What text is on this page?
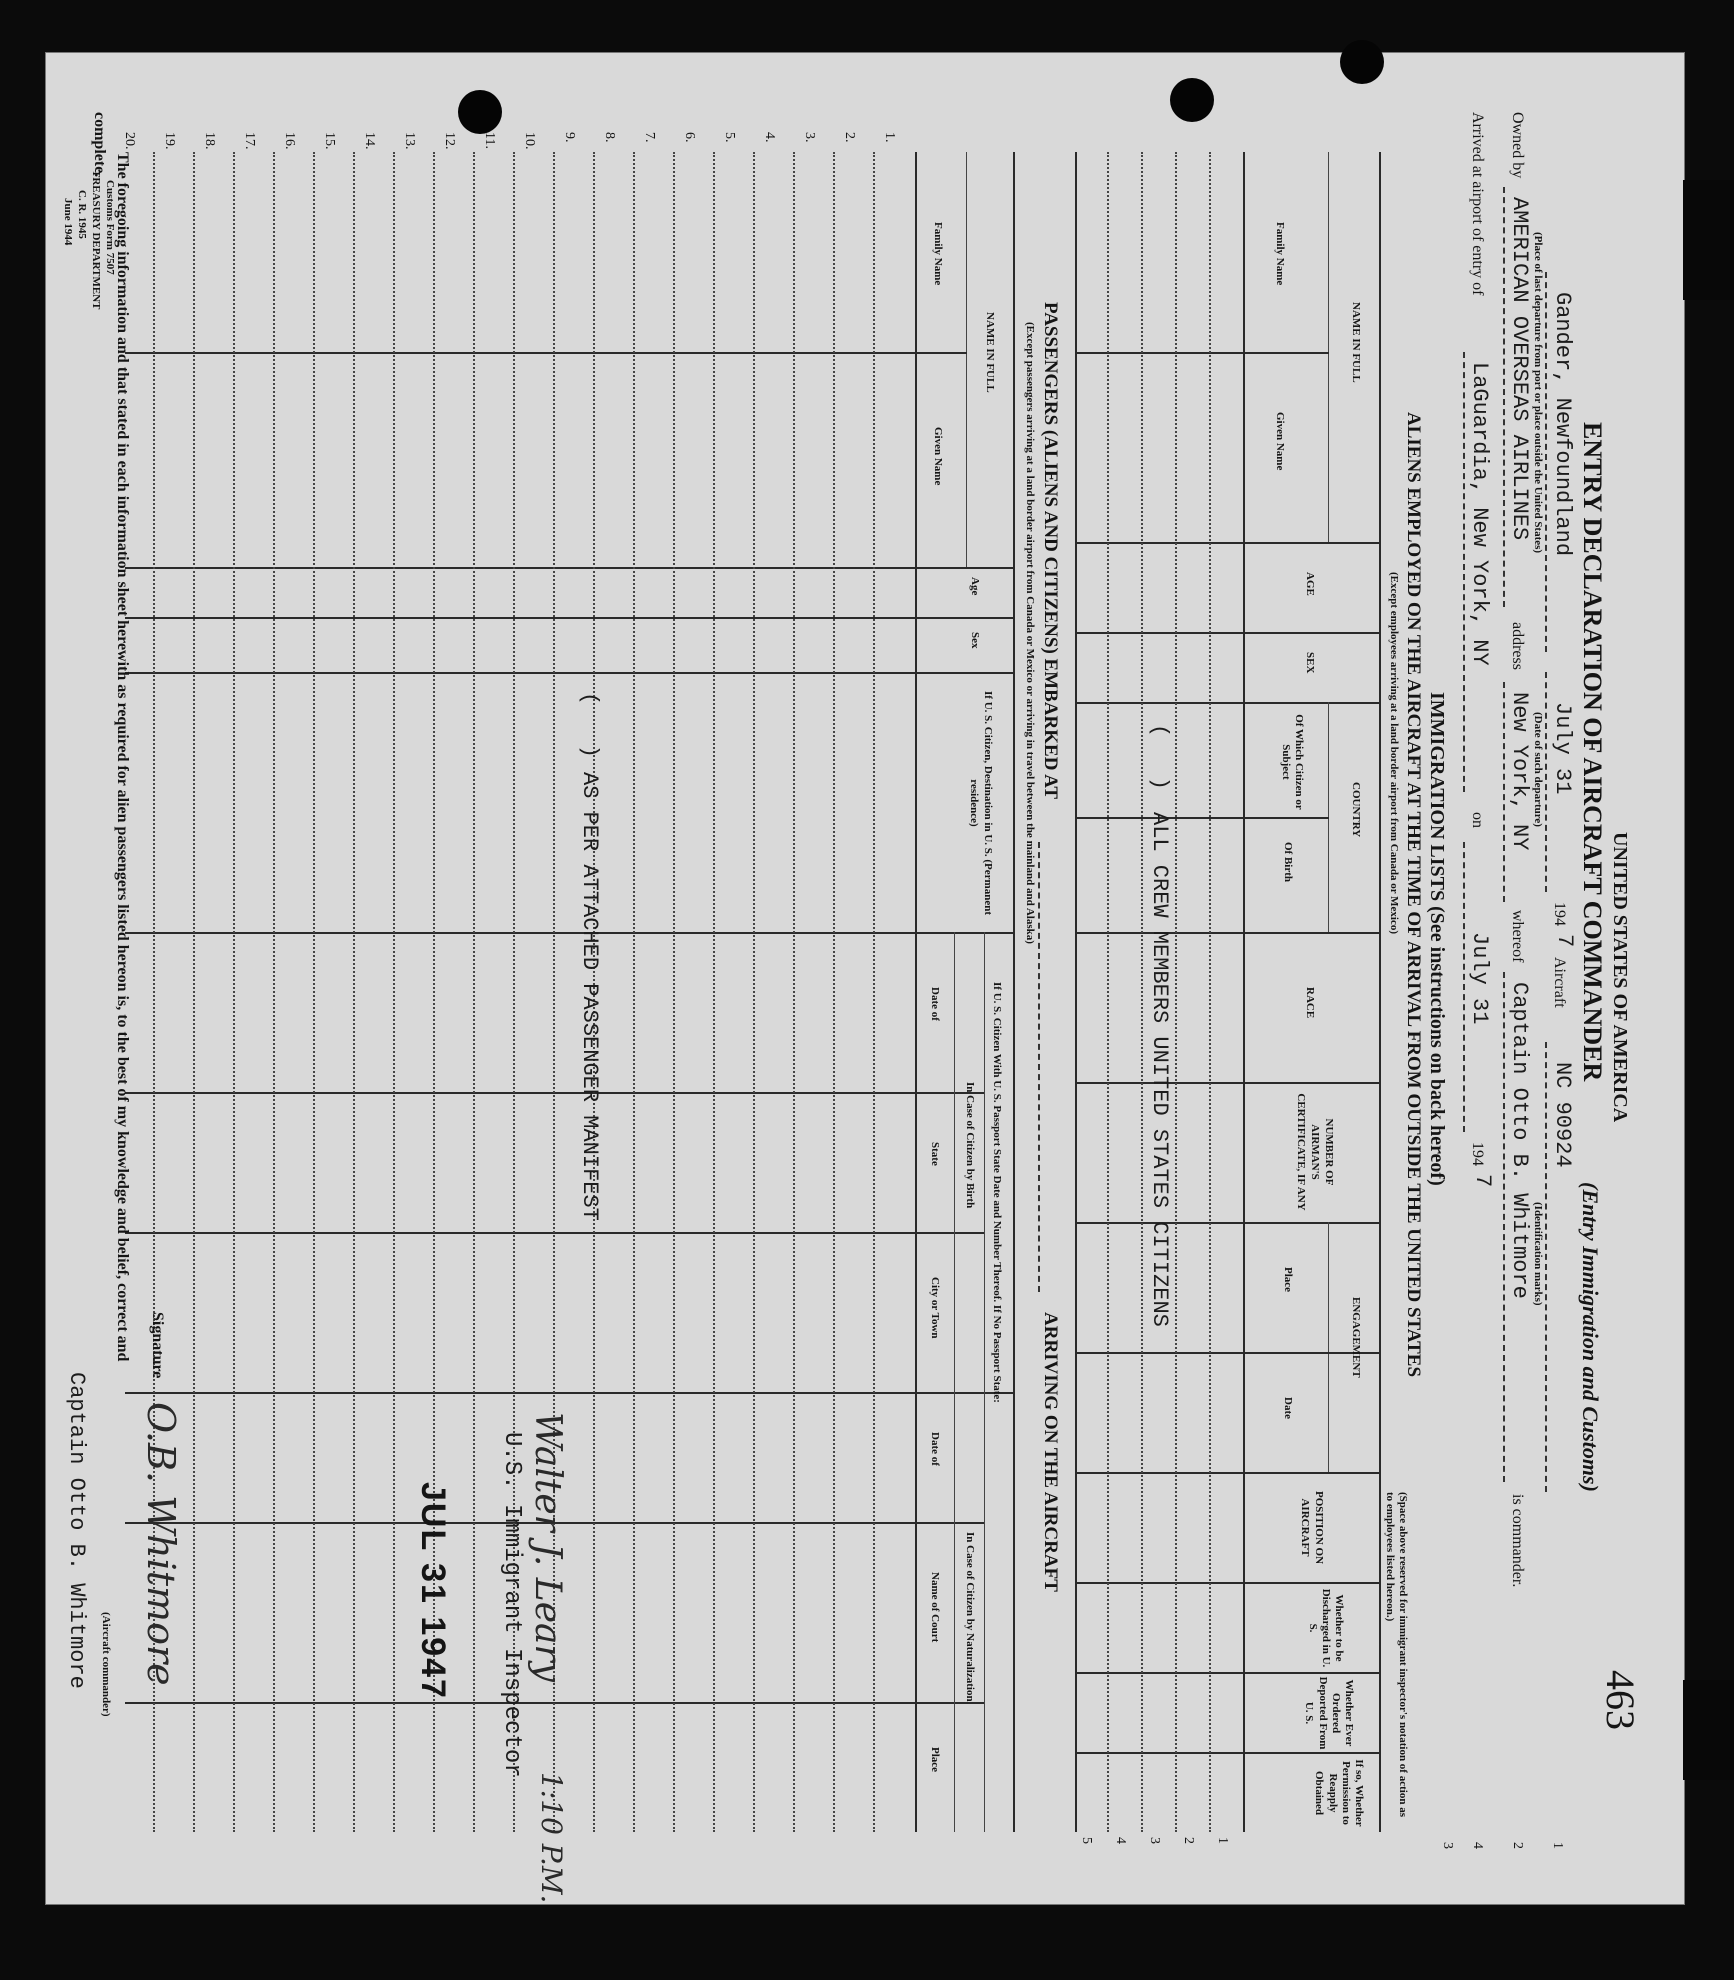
Customs Form 7507
TREASURY DEPARTMENT
C. R. 1945
June 1944
463
UNITED STATES OF AMERICA
ENTRY DECLARATION OF AIRCRAFT COMMANDER
(Entry Immigration and Customs)
Gander, Newfoundland
July 31
194
7
Aircraft
NC 90924
(Place of last departure from port or place outside the United States)
(Date of such departure)
(Identification marks)
1
Owned by
AMERICAN OVERSEAS AIRLINES
address
New York, NY
whereof
Captain Otto B. Whitmore
is commander.
2
Arrived at airport of entry of
LaGuardia, New York, NY
on
July 31
194
7
4
3
IMMIGRATION LISTS (See instructions on back hereof)
ALIENS EMPLOYED ON THE AIRCRAFT AT THE TIME OF ARRIVAL FROM OUTSIDE THE UNITED STATES
(Except employees arriving at a land border airport from Canada or Mexico)
(Space above reserved for immigrant inspector's notation of action as to employees listed hereon.)
NAME IN FULL
Family Name
Given Name
AGE
SEX
COUNTRY
Of Which Citizen or Subject
Of Birth
RACE
NUMBER OF AIRMAN'S CERTIFICATE, IF ANY
ENGAGEMENT
Place
Date
POSITION ON AIRCRAFT
Whether to be Discharged in U. S.
Whether Ever Ordered Deported From U. S.
If so, Whether Permission to Reapply Obtained
1
2
3
4
5
(   )
ALL CREW MEMBERS UNITED STATES CITIZENS
PASSENGERS (ALIENS AND CITIZENS) EMBARKED AT
ARRIVING ON THE AIRCRAFT
(Except passengers arriving at a land border airport from Canada or Mexico or arriving in travel between the mainland and Alaska)
NAME IN FULL
Family Name
Given Name
Age
Sex
If U. S. Citizen, Destination in U. S. (Permanent residence)
If U. S. Citizen With U. S. Passport State Date and Number Thereof. If No Passport State:
In Case of Citizen by Birth
In Case of Citizen by Naturalization
Date of
State
City or Town
Date of
Name of Court
Place
1.
2.
3.
4.
5.
6.
7.
8.
9.
10.
11.
12.
13.
14.
15.
16.
17.
18.
19.
20.
(   )
AS PER ATTACHED PASSENGER MANIFEST
Walter J. Leary
1:10 P.M.
U.S. Immigrant Inspector
JUL 31 1947
The foregoing information and that stated in each information sheet herewith as required for alien passengers listed hereon is, to the best of my knowledge and belief, correct and
complete.
Signature
O.B. Whitmore
Captain Otto B. Whitmore (Aircraft commander)
